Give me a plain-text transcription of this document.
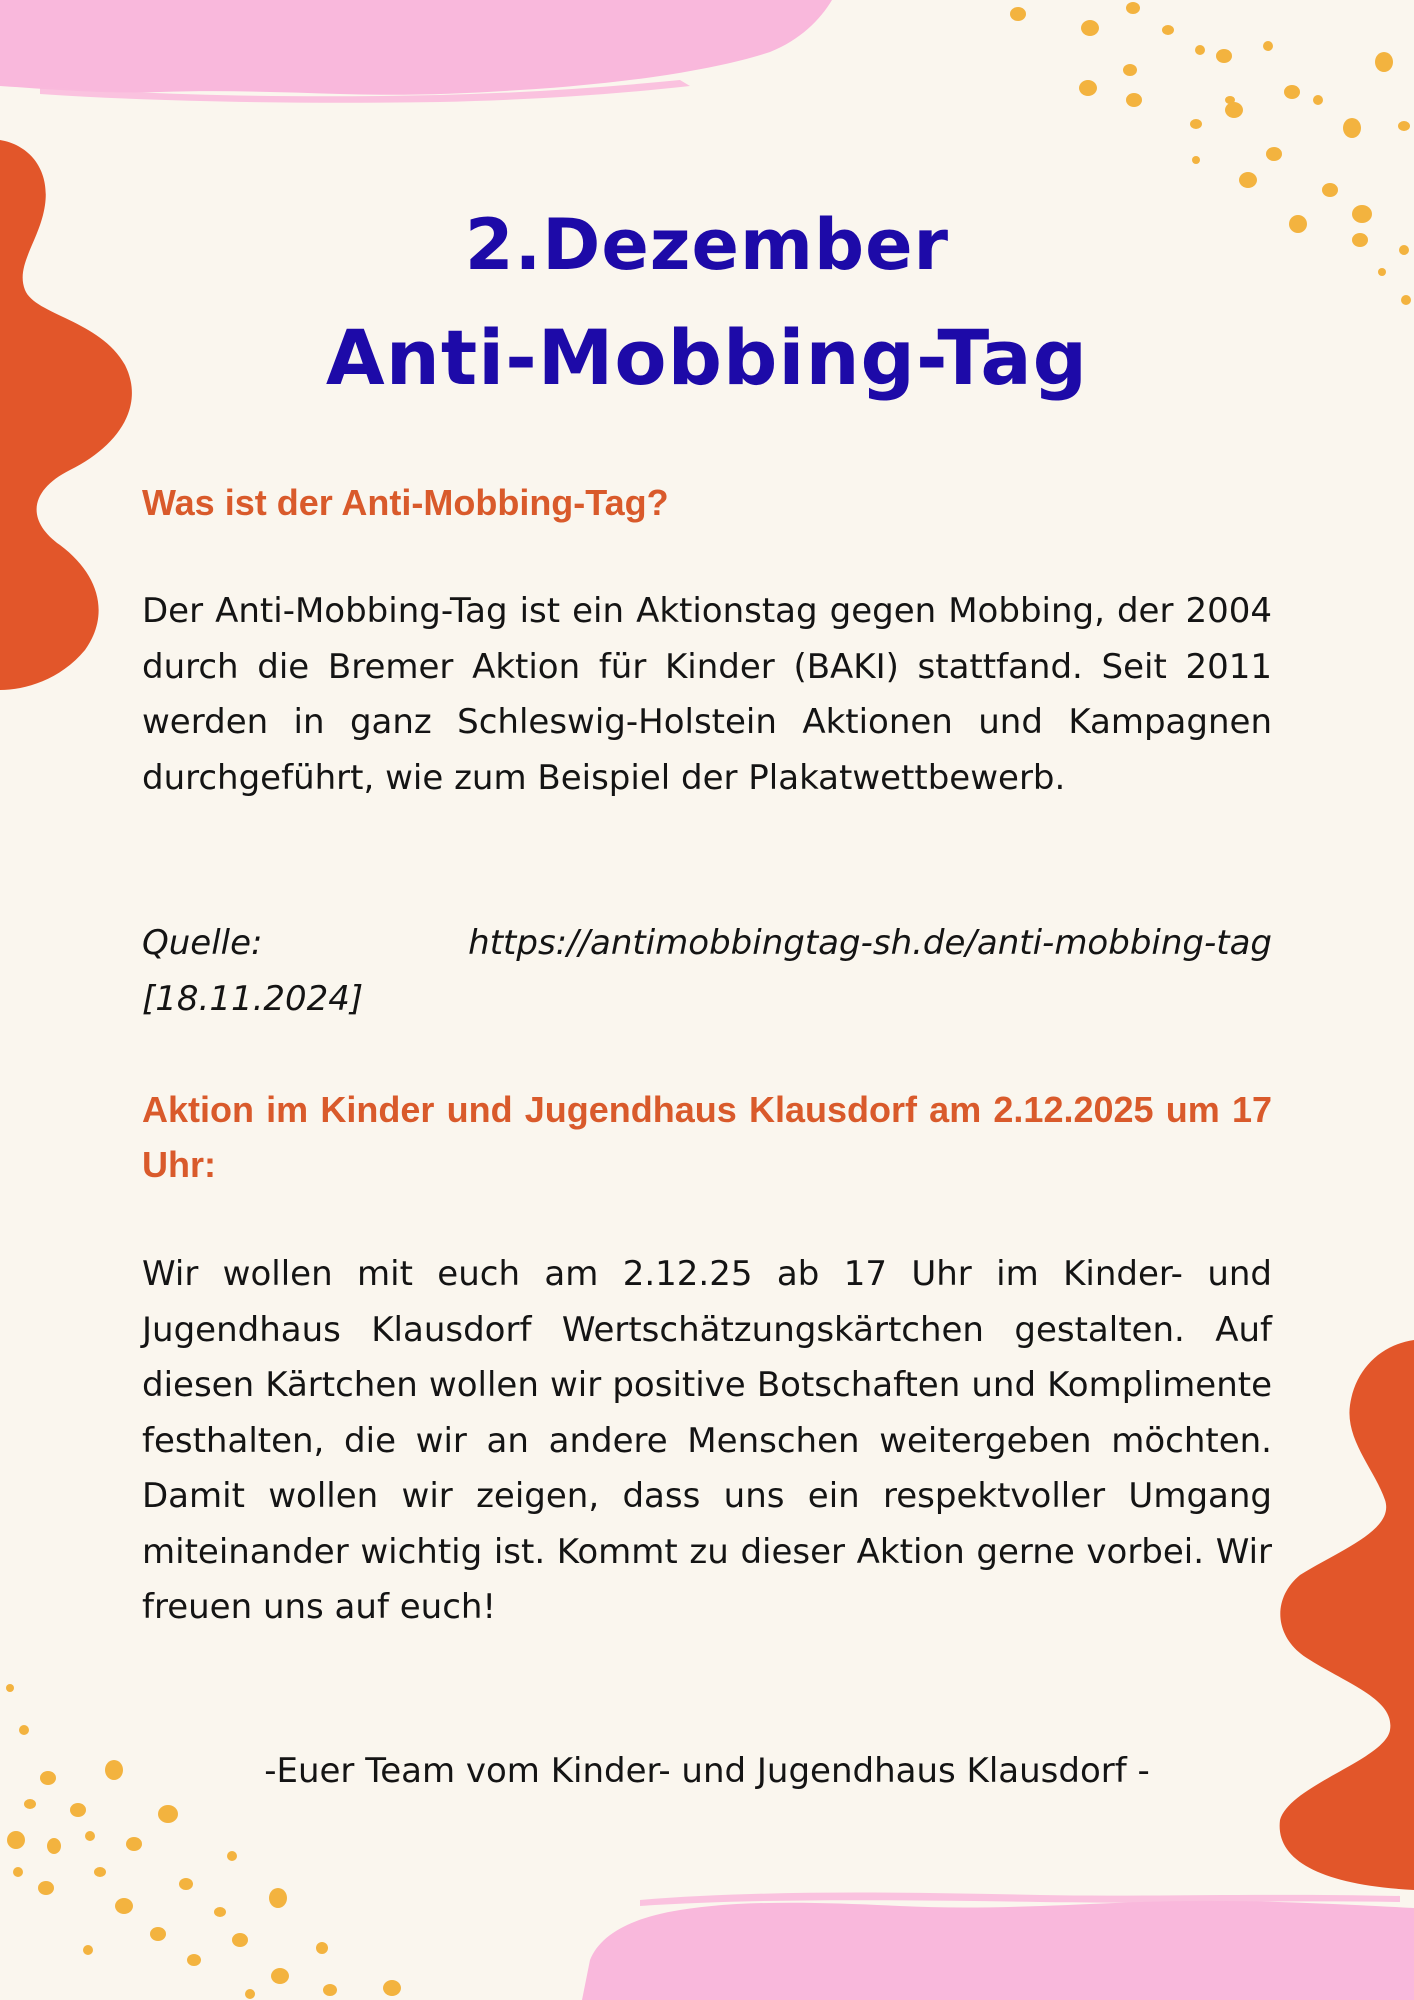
2.Dezember
Anti-Mobbing-Tag
Was ist der Anti-Mobbing-Tag?

Der Anti-Mobbing-Tag ist ein Aktionstag gegen Mobbing, der 2004 durch die Bremer Aktion für Kinder (BAKI) stattfand. Seit 2011 werden in ganz Schleswig-Holstein Aktionen und Kampagnen durchgeführt, wie zum Beispiel der Plakatwettbewerb.

Quelle: https://antimobbingtag-sh.de/anti-mobbing-tag [18.11.2024]

Aktion im Kinder und Jugendhaus Klausdorf am 2.12.2025 um 17 Uhr:

Wir wollen mit euch am 2.12.25 ab 17 Uhr im Kinder- und Jugendhaus Klausdorf Wertschätzungskärtchen gestalten. Auf diesen Kärtchen wollen wir positive Botschaften und Komplimente festhalten, die wir an andere Menschen weitergeben möchten. Damit wollen wir zeigen, dass uns ein respektvoller Umgang miteinander wichtig ist. Kommt zu dieser Aktion gerne vorbei. Wir freuen uns auf euch!

-Euer Team vom Kinder- und Jugendhaus Klausdorf -
